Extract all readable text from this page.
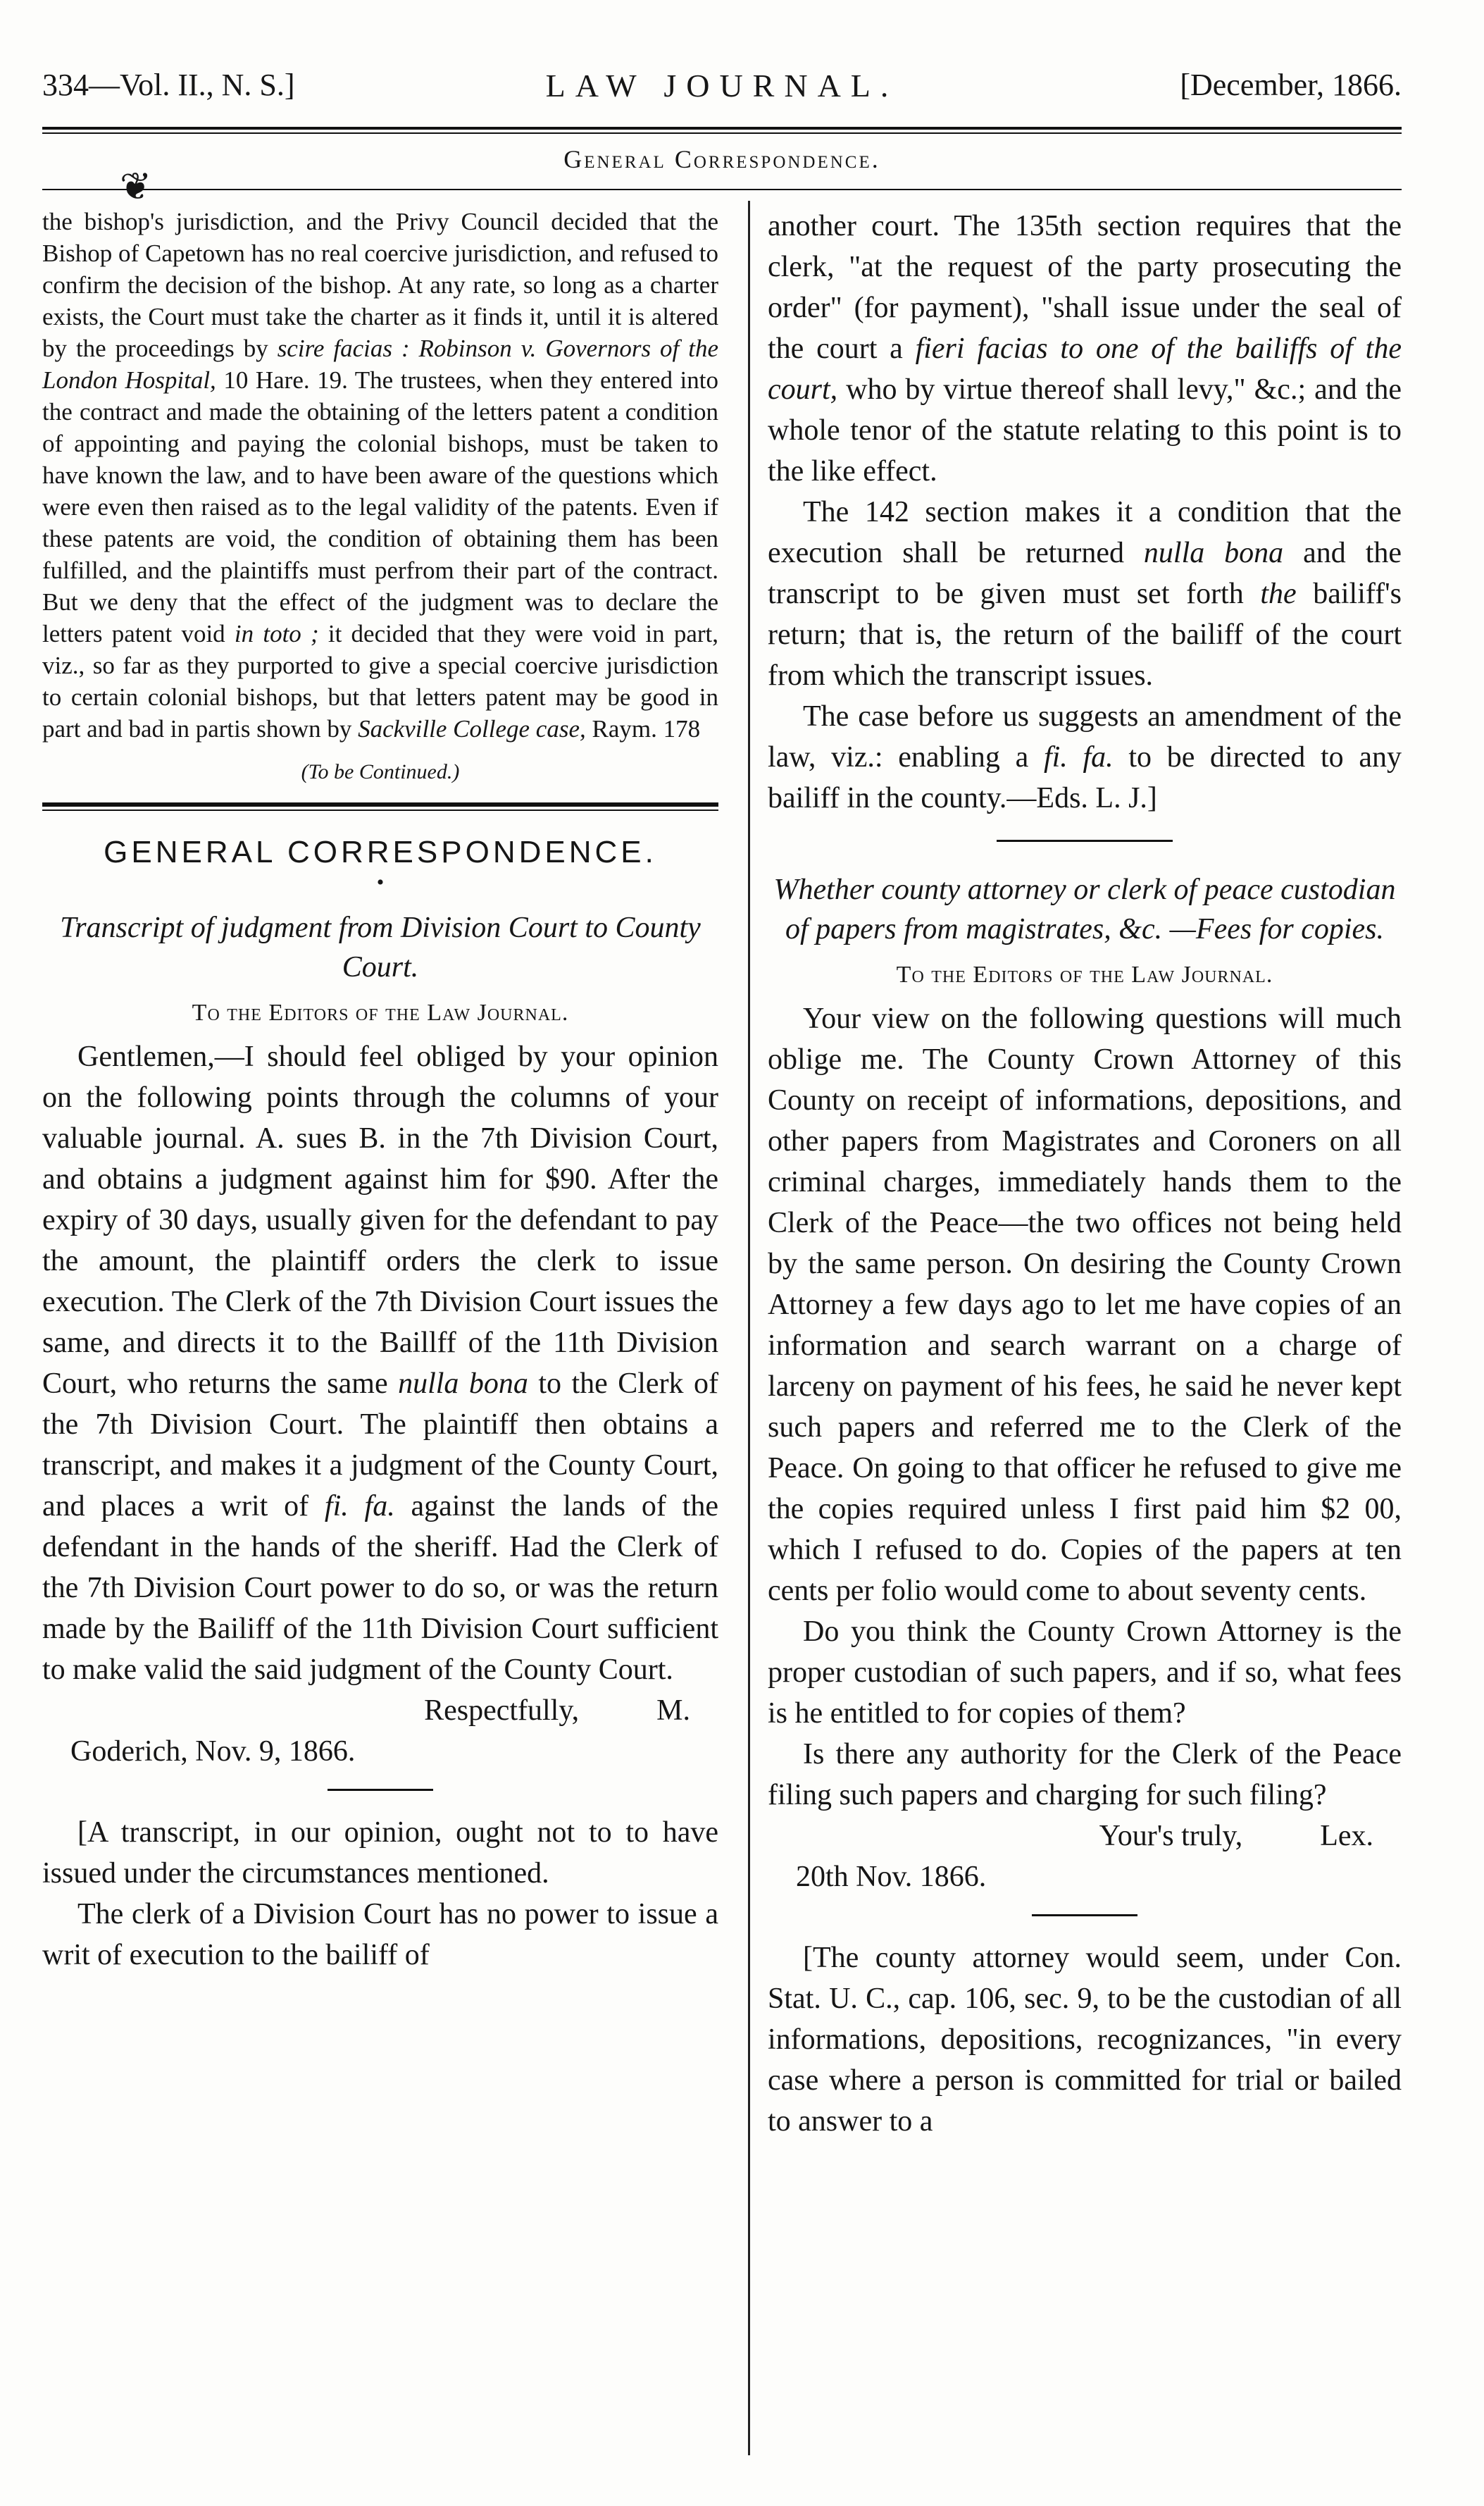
334—Vol. II., N. S.]	LAW JOURNAL.	[December, 1866.
General Correspondence.
❦

the bishop's jurisdiction, and the Privy Council decided that the Bishop of Capetown has no real coercive jurisdiction, and refused to confirm the decision of the bishop. At any rate, so long as a charter exists, the Court must take the charter as it finds it, until it is altered by the proceedings by scire facias : Robinson v. Governors of the London Hospital, 10 Hare. 19. The trustees, when they entered into the contract and made the obtaining of the letters patent a condition of appointing and paying the colonial bishops, must be taken to have known the law, and to have been aware of the questions which were even then raised as to the legal validity of the patents. Even if these patents are void, the condition of obtaining them has been fulfilled, and the plaintiffs must perfrom their part of the contract. But we deny that the effect of the judgment was to declare the letters patent void in toto ; it decided that they were void in part, viz., so far as they purported to give a special coercive jurisdiction to certain colonial bishops, but that letters patent may be good in part and bad in partis shown by Sackville College case, Raym. 178

(To be Continued.)

GENERAL CORRESPONDENCE.

•

Transcript of judgment from Division Court to County Court.

To the Editors of the Law Journal.

Gentlemen,—I should feel obliged by your opinion on the following points through the columns of your valuable journal. A. sues B. in the 7th Division Court, and obtains a judgment against him for $90. After the expiry of 30 days, usually given for the defendant to pay the amount, the plaintiff orders the clerk to issue execution. The Clerk of the 7th Division Court issues the same, and directs it to the Baillff of the 11th Division Court, who returns the same nulla bona to the Clerk of the 7th Division Court. The plaintiff then obtains a transcript, and makes it a judgment of the County Court, and places a writ of fi. fa. against the lands of the defendant in the hands of the sheriff. Had the Clerk of the 7th Division Court power to do so, or was the return made by the Bailiff of the 11th Division Court sufficient to make valid the said judgment of the County Court.

Respectfully,	M.

Goderich, Nov. 9, 1866.

[A transcript, in our opinion, ought not to to have issued under the circumstances mentioned.

The clerk of a Division Court has no power to issue a writ of execution to the bailiff of

another court. The 135th section requires that the clerk, "at the request of the party prosecuting the order" (for payment), "shall issue under the seal of the court a fieri facias to one of the bailiffs of the court, who by virtue thereof shall levy," &c.; and the whole tenor of the statute relating to this point is to the like effect.

The 142 section makes it a condition that the execution shall be returned nulla bona and the transcript to be given must set forth the bailiff's return; that is, the return of the bailiff of the court from which the transcript issues.

The case before us suggests an amendment of the law, viz.: enabling a fi. fa. to be directed to any bailiff in the county.—Eds. L. J.]

Whether county attorney or clerk of peace custodian of papers from magistrates, &c. —Fees for copies.

To the Editors of the Law Journal.

Your view on the following questions will much oblige me. The County Crown Attorney of this County on receipt of informations, depositions, and other papers from Magistrates and Coroners on all criminal charges, immediately hands them to the Clerk of the Peace—the two offices not being held by the same person. On desiring the County Crown Attorney a few days ago to let me have copies of an information and search warrant on a charge of larceny on payment of his fees, he said he never kept such papers and referred me to the Clerk of the Peace. On going to that officer he refused to give me the copies required unless I first paid him $2 00, which I refused to do. Copies of the papers at ten cents per folio would come to about seventy cents.

Do you think the County Crown Attorney is the proper custodian of such papers, and if so, what fees is he entitled to for copies of them?

Is there any authority for the Clerk of the Peace filing such papers and charging for such filing?

Your's truly,	Lex.

20th Nov. 1866.

[The county attorney would seem, under Con. Stat. U. C., cap. 106, sec. 9, to be the custodian of all informations, depositions, recognizances, "in every case where a person is committed for trial or bailed to answer to a
